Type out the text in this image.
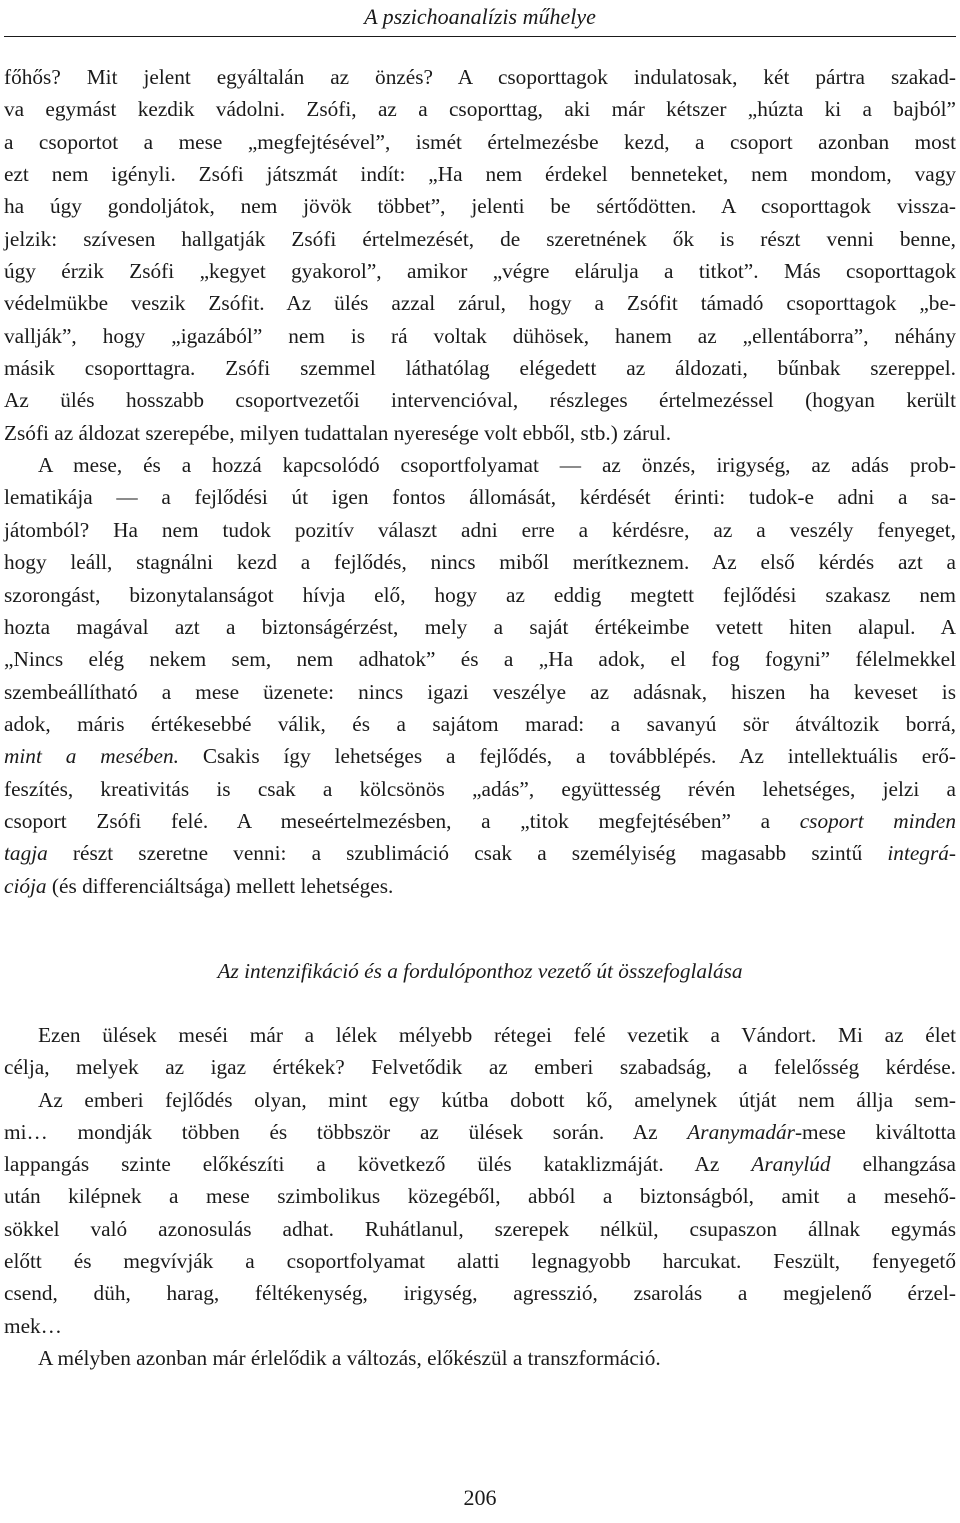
A pszichoanalízis műhelye

főhős? Mit jelent egyáltalán az önzés? A csoporttagok indulatosak, két pártra szakad-

va egymást kezdik vádolni. Zsófi, az a csoporttag, aki már kétszer „húzta ki a bajból”

a csoportot a mese „megfejtésével”, ismét értelmezésbe kezd, a csoport azonban most

ezt nem igényli. Zsófi játszmát indít: „Ha nem érdekel benneteket, nem mondom, vagy

ha úgy gondoljátok, nem jövök többet”, jelenti be sértődötten. A csoporttagok vissza-

jelzik: szívesen hallgatják Zsófi értelmezését, de szeretnének ők is részt venni benne,

úgy érzik Zsófi „kegyet gyakorol”, amikor „végre elárulja a titkot”. Más csoporttagok

védelmükbe veszik Zsófit. Az ülés azzal zárul, hogy a Zsófit támadó csoporttagok „be-

vallják”, hogy „igazából” nem is rá voltak dühösek, hanem az „ellentáborra”, néhány

másik csoporttagra. Zsófi szemmel láthatólag elégedett az áldozati, bűnbak szereppel.

Az ülés hosszabb csoportvezetői intervencióval, részleges értelmezéssel (hogyan került

Zsófi az áldozat szerepébe, milyen tudattalan nyeresége volt ebből, stb.) zárul.

A mese, és a hozzá kapcsolódó csoportfolyamat — az önzés, irigység, az adás prob-

lematikája — a fejlődési út igen fontos állomását, kérdését érinti: tudok-e adni a sa-

játomból? Ha nem tudok pozitív választ adni erre a kérdésre, az a veszély fenyeget,

hogy leáll, stagnálni kezd a fejlődés, nincs miből merítkeznem. Az első kérdés azt a

szorongást, bizonytalanságot hívja elő, hogy az eddig megtett fejlődési szakasz nem

hozta magával azt a biztonságérzést, mely a saját értékeimbe vetett hiten alapul. A

„Nincs elég nekem sem, nem adhatok” és a „Ha adok, el fog fogyni” félelmekkel

szembeállítható a mese üzenete: nincs igazi veszélye az adásnak, hiszen ha keveset is

adok, máris értékesebbé válik, és a sajátom marad: a savanyú sör átváltozik borrá,

mint a mesében. Csakis így lehetséges a fejlődés, a továbblépés. Az intellektuális erő-

feszítés, kreativitás is csak a kölcsönös „adás”, együttesség révén lehetséges, jelzi a

csoport Zsófi felé. A meseértelmezésben, a „titok megfejtésében” a csoport minden

tagja részt szeretne venni: a szublimáció csak a személyiség magasabb szintű integrá-

ciója (és differenciáltsága) mellett lehetséges.

Az intenzifikáció és a fordulóponthoz vezető út összefoglalása

Ezen ülések meséi már a lélek mélyebb rétegei felé vezetik a Vándort. Mi az élet

célja, melyek az igaz értékek? Felvetődik az emberi szabadság, a felelősség kérdése.

Az emberi fejlődés olyan, mint egy kútba dobott kő, amelynek útját nem állja sem-

mi… mondják többen és többször az ülések során. Az Aranymadár-mese kiváltotta

lappangás szinte előkészíti a következő ülés kataklizmáját. Az Aranylúd elhangzása

után kilépnek a mese szimbolikus közegéből, abból a biztonságból, amit a mesehő-

sökkel való azonosulás adhat. Ruhátlanul, szerepek nélkül, csupaszon állnak egymás

előtt és megvívják a csoportfolyamat alatti legnagyobb harcukat. Feszült, fenyegető

csend, düh, harag, féltékenység, irigység, agresszió, zsarolás a megjelenő érzel-

mek…

A mélyben azonban már érlelődik a változás, előkészül a transzformáció.

206
